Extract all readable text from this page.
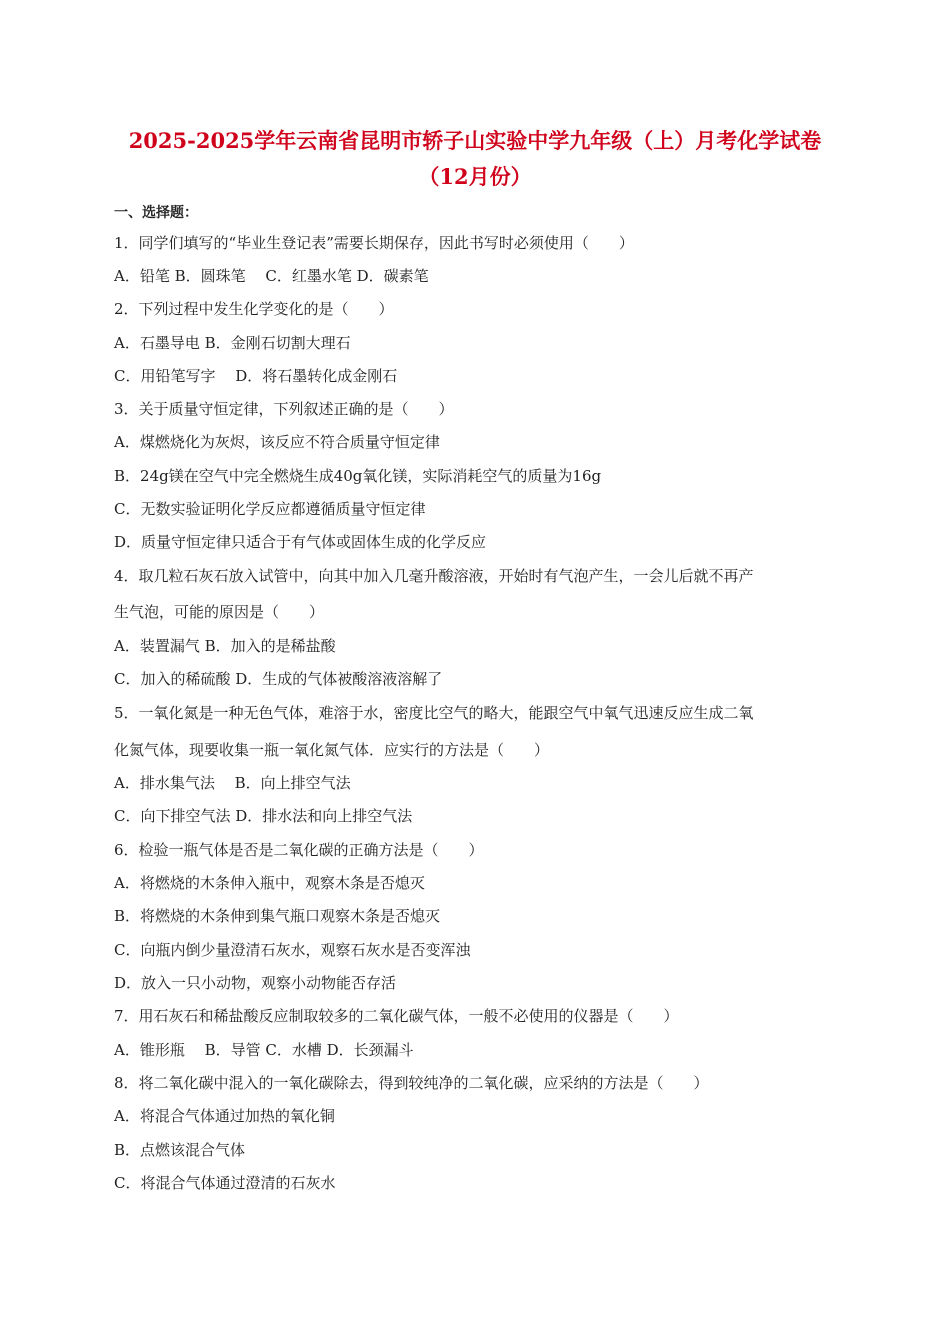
2025-2025学年云南省昆明市轿子山实验中学九年级（上）月考化学试卷
（12月份）
一、选择题：
1．同学们填写的“毕业生登记表”需要长期保存，因此书写时必须使用（　　）
A．铅笔 B．圆珠笔　 C．红墨水笔 D．碳素笔
2．下列过程中发生化学变化的是（　　）
A．石墨导电 B．金刚石切割大理石
C．用铅笔写字　 D．将石墨转化成金刚石
3．关于质量守恒定律，下列叙述正确的是（　　）
A．煤燃烧化为灰烬，该反应不符合质量守恒定律
B．24g镁在空气中完全燃烧生成40g氧化镁，实际消耗空气的质量为16g
C．无数实验证明化学反应都遵循质量守恒定律
D．质量守恒定律只适合于有气体或固体生成的化学反应
4．取几粒石灰石放入试管中，向其中加入几毫升酸溶液，开始时有气泡产生，一会儿后就不再产
生气泡，可能的原因是（　　）
A．装置漏气 B．加入的是稀盐酸
C．加入的稀硫酸 D．生成的气体被酸溶液溶解了
5．一氧化氮是一种无色气体，难溶于水，密度比空气的略大，能跟空气中氧气迅速反应生成二氧
化氮气体，现要收集一瓶一氧化氮气体．应实行的方法是（　　）
A．排水集气法　 B．向上排空气法
C．向下排空气法 D．排水法和向上排空气法
6．检验一瓶气体是否是二氧化碳的正确方法是（　　）
A．将燃烧的木条伸入瓶中，观察木条是否熄灭
B．将燃烧的木条伸到集气瓶口观察木条是否熄灭
C．向瓶内倒少量澄清石灰水，观察石灰水是否变浑浊
D．放入一只小动物，观察小动物能否存活
7．用石灰石和稀盐酸反应制取较多的二氧化碳气体，一般不必使用的仪器是（　　）
A．锥形瓶　 B．导管 C．水槽 D．长颈漏斗
8．将二氧化碳中混入的一氧化碳除去，得到较纯净的二氧化碳，应采纳的方法是（　　）
A．将混合气体通过加热的氧化铜
B．点燃该混合气体
C．将混合气体通过澄清的石灰水
